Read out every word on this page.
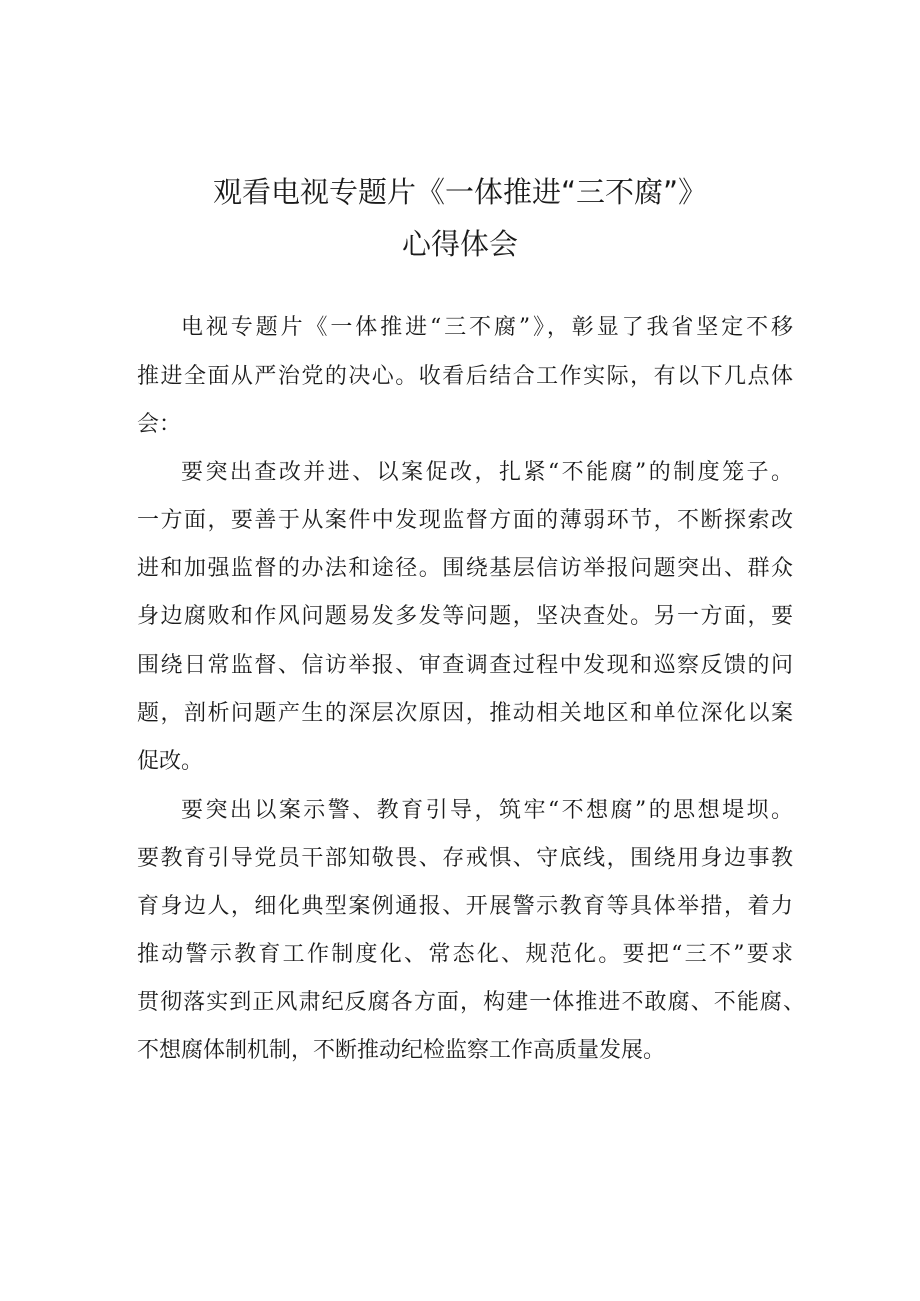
观看电视专题片《一体推进“三不腐”》
心得体会
电视专题片《一体推进“三不腐”》，彰显了我省坚定不移
推进全面从严治党的决心。收看后结合工作实际，有以下几点体
会：
要突出查改并进、以案促改，扎紧“不能腐”的制度笼子。
一方面，要善于从案件中发现监督方面的薄弱环节，不断探索改
进和加强监督的办法和途径。围绕基层信访举报问题突出、群众
身边腐败和作风问题易发多发等问题，坚决查处。另一方面，要
围绕日常监督、信访举报、审查调查过程中发现和巡察反馈的问
题，剖析问题产生的深层次原因，推动相关地区和单位深化以案
促改。
要突出以案示警、教育引导，筑牢“不想腐”的思想堤坝。
要教育引导党员干部知敬畏、存戒惧、守底线，围绕用身边事教
育身边人，细化典型案例通报、开展警示教育等具体举措，着力
推动警示教育工作制度化、常态化、规范化。要把“三不”要求
贯彻落实到正风肃纪反腐各方面，构建一体推进不敢腐、不能腐、
不想腐体制机制，不断推动纪检监察工作高质量发展。
